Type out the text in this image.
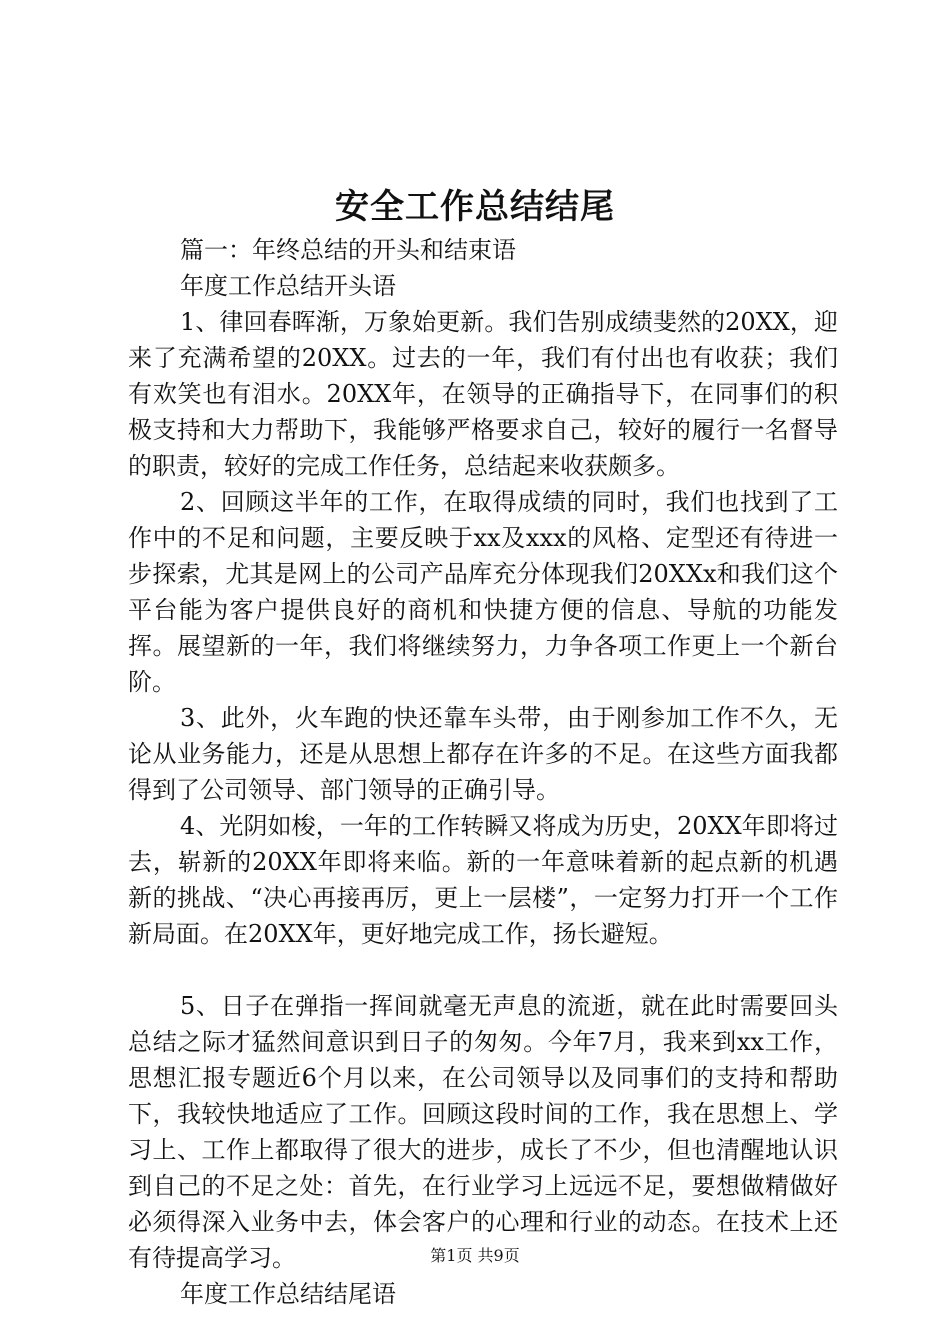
安全工作总结结尾
篇一：年终总结的开头和结束语
年度工作总结开头语

1、律回春晖渐，万象始更新。我们告别成绩斐然的20XX，迎来了充满希望的20XX。过去的一年，我们有付出也有收获；我们有欢笑也有泪水。20XX年，在领导的正确指导下，在同事们的积极支持和大力帮助下，我能够严格要求自己，较好的履行一名督导的职责，较好的完成工作任务，总结起来收获颇多。

2、回顾这半年的工作，在取得成绩的同时，我们也找到了工作中的不足和问题，主要反映于xx及xxx的风格、定型还有待进一步探索，尤其是网上的公司产品库充分体现我们20XXx和我们这个平台能为客户提供良好的商机和快捷方便的信息、导航的功能发挥。展望新的一年，我们将继续努力，力争各项工作更上一个新台阶。

3、此外，火车跑的快还靠车头带，由于刚参加工作不久，无论从业务能力，还是从思想上都存在许多的不足。在这些方面我都得到了公司领导、部门领导的正确引导。

4、光阴如梭，一年的工作转瞬又将成为历史，20XX年即将过去，崭新的20XX年即将来临。新的一年意味着新的起点新的机遇新的挑战、“决心再接再厉，更上一层楼”，一定努力打开一个工作新局面。在20XX年，更好地完成工作，扬长避短。

5、日子在弹指一挥间就毫无声息的流逝，就在此时需要回头总结之际才猛然间意识到日子的匆匆。今年7月，我来到xx工作，思想汇报专题近6个月以来，在公司领导以及同事们的支持和帮助下，我较快地适应了工作。回顾这段时间的工作，我在思想上、学习上、工作上都取得了很大的进步，成长了不少，但也清醒地认识到自己的不足之处：首先，在行业学习上远远不足，要想做精做好必须得深入业务中去，体会客户的心理和行业的动态。在技术上还有待提高学习。

年度工作总结结尾语
第1页 共9页
